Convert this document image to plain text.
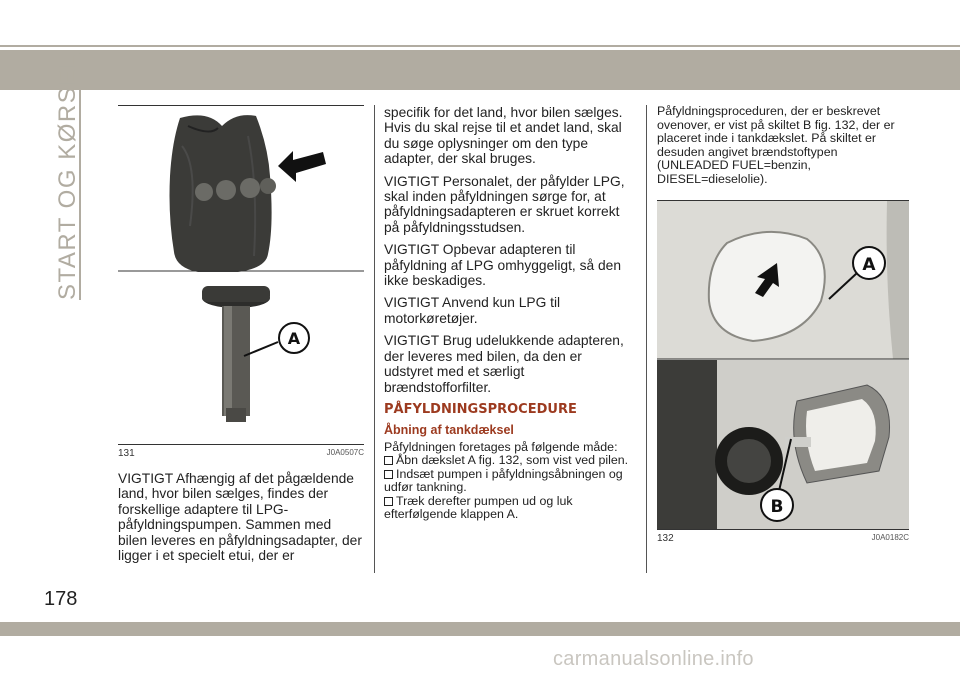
START OG KØRSEL
A
131	J0A0507C

VIGTIGT Afhængig af det pågældende land, hvor bilen sælges, findes der forskellige adaptere til LPG-påfyldningspumpen. Sammen med bilen leveres en påfyldningsadapter, der ligger i et specielt etui, der er

specifik for det land, hvor bilen sælges. Hvis du skal rejse til et andet land, skal du søge oplysninger om den type adapter, der skal bruges.

VIGTIGT Personalet, der påfylder LPG, skal inden påfyldningen sørge for, at påfyldningsadapteren er skruet korrekt på påfyldningsstudsen.

VIGTIGT Opbevar adapteren til påfyldning af LPG omhyggeligt, så den ikke beskadiges.

VIGTIGT Anvend kun LPG til motorkøretøjer.

VIGTIGT Brug udelukkende adapteren, der leveres med bilen, da den er udstyret med et særligt brændstofforfilter.

PÅFYLDNINGSPROCEDURE
Åbning af tankdæksel

Påfyldningen foretages på følgende måde:

Åbn dækslet A fig. 132, som vist ved pilen.
Indsæt pumpen i påfyldningsåbningen og udfør tankning.
Træk derefter pumpen ud og luk efterfølgende klappen A.

Påfyldningsproceduren, der er beskrevet ovenover, er vist på skiltet B fig. 132, der er placeret inde i tankdækslet. På skiltet er desuden angivet brændstoftypen (UNLEADED FUEL=benzin, DIESEL=dieselolie).

A
B
132	J0A0182C
178
carmanualsonline.info
